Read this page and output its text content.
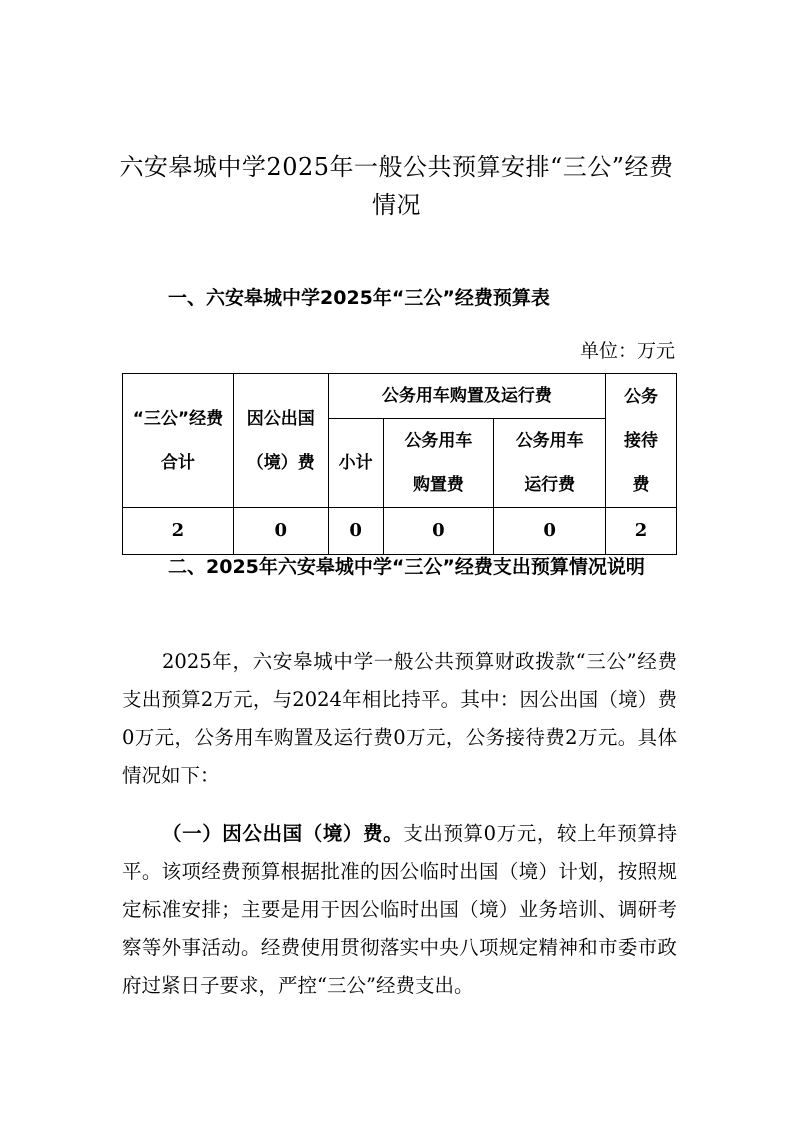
六安皋城中学2025年一般公共预算安排“三公”经费情况
一、六安皋城中学2025年“三公”经费预算表
单位：万元
“三公”经费合计	因公出国（境）费	公务用车购置及运行费			公务接待费
		小计	公务用车购置费	公务用车运行费	
2	0	0	0	0	2
二、2025年六安皋城中学“三公”经费支出预算情况说明
2025年，六安皋城中学一般公共预算财政拨款“三公”经费支出预算2万元，与2024年相比持平。其中：因公出国（境）费0万元，公务用车购置及运行费0万元，公务接待费2万元。具体情况如下：
（一）因公出国（境）费。支出预算0万元，较上年预算持平。该项经费预算根据批准的因公临时出国（境）计划，按照规定标准安排；主要是用于因公临时出国（境）业务培训、调研考察等外事活动。经费使用贯彻落实中央八项规定精神和市委市政府过紧日子要求，严控“三公”经费支出。
